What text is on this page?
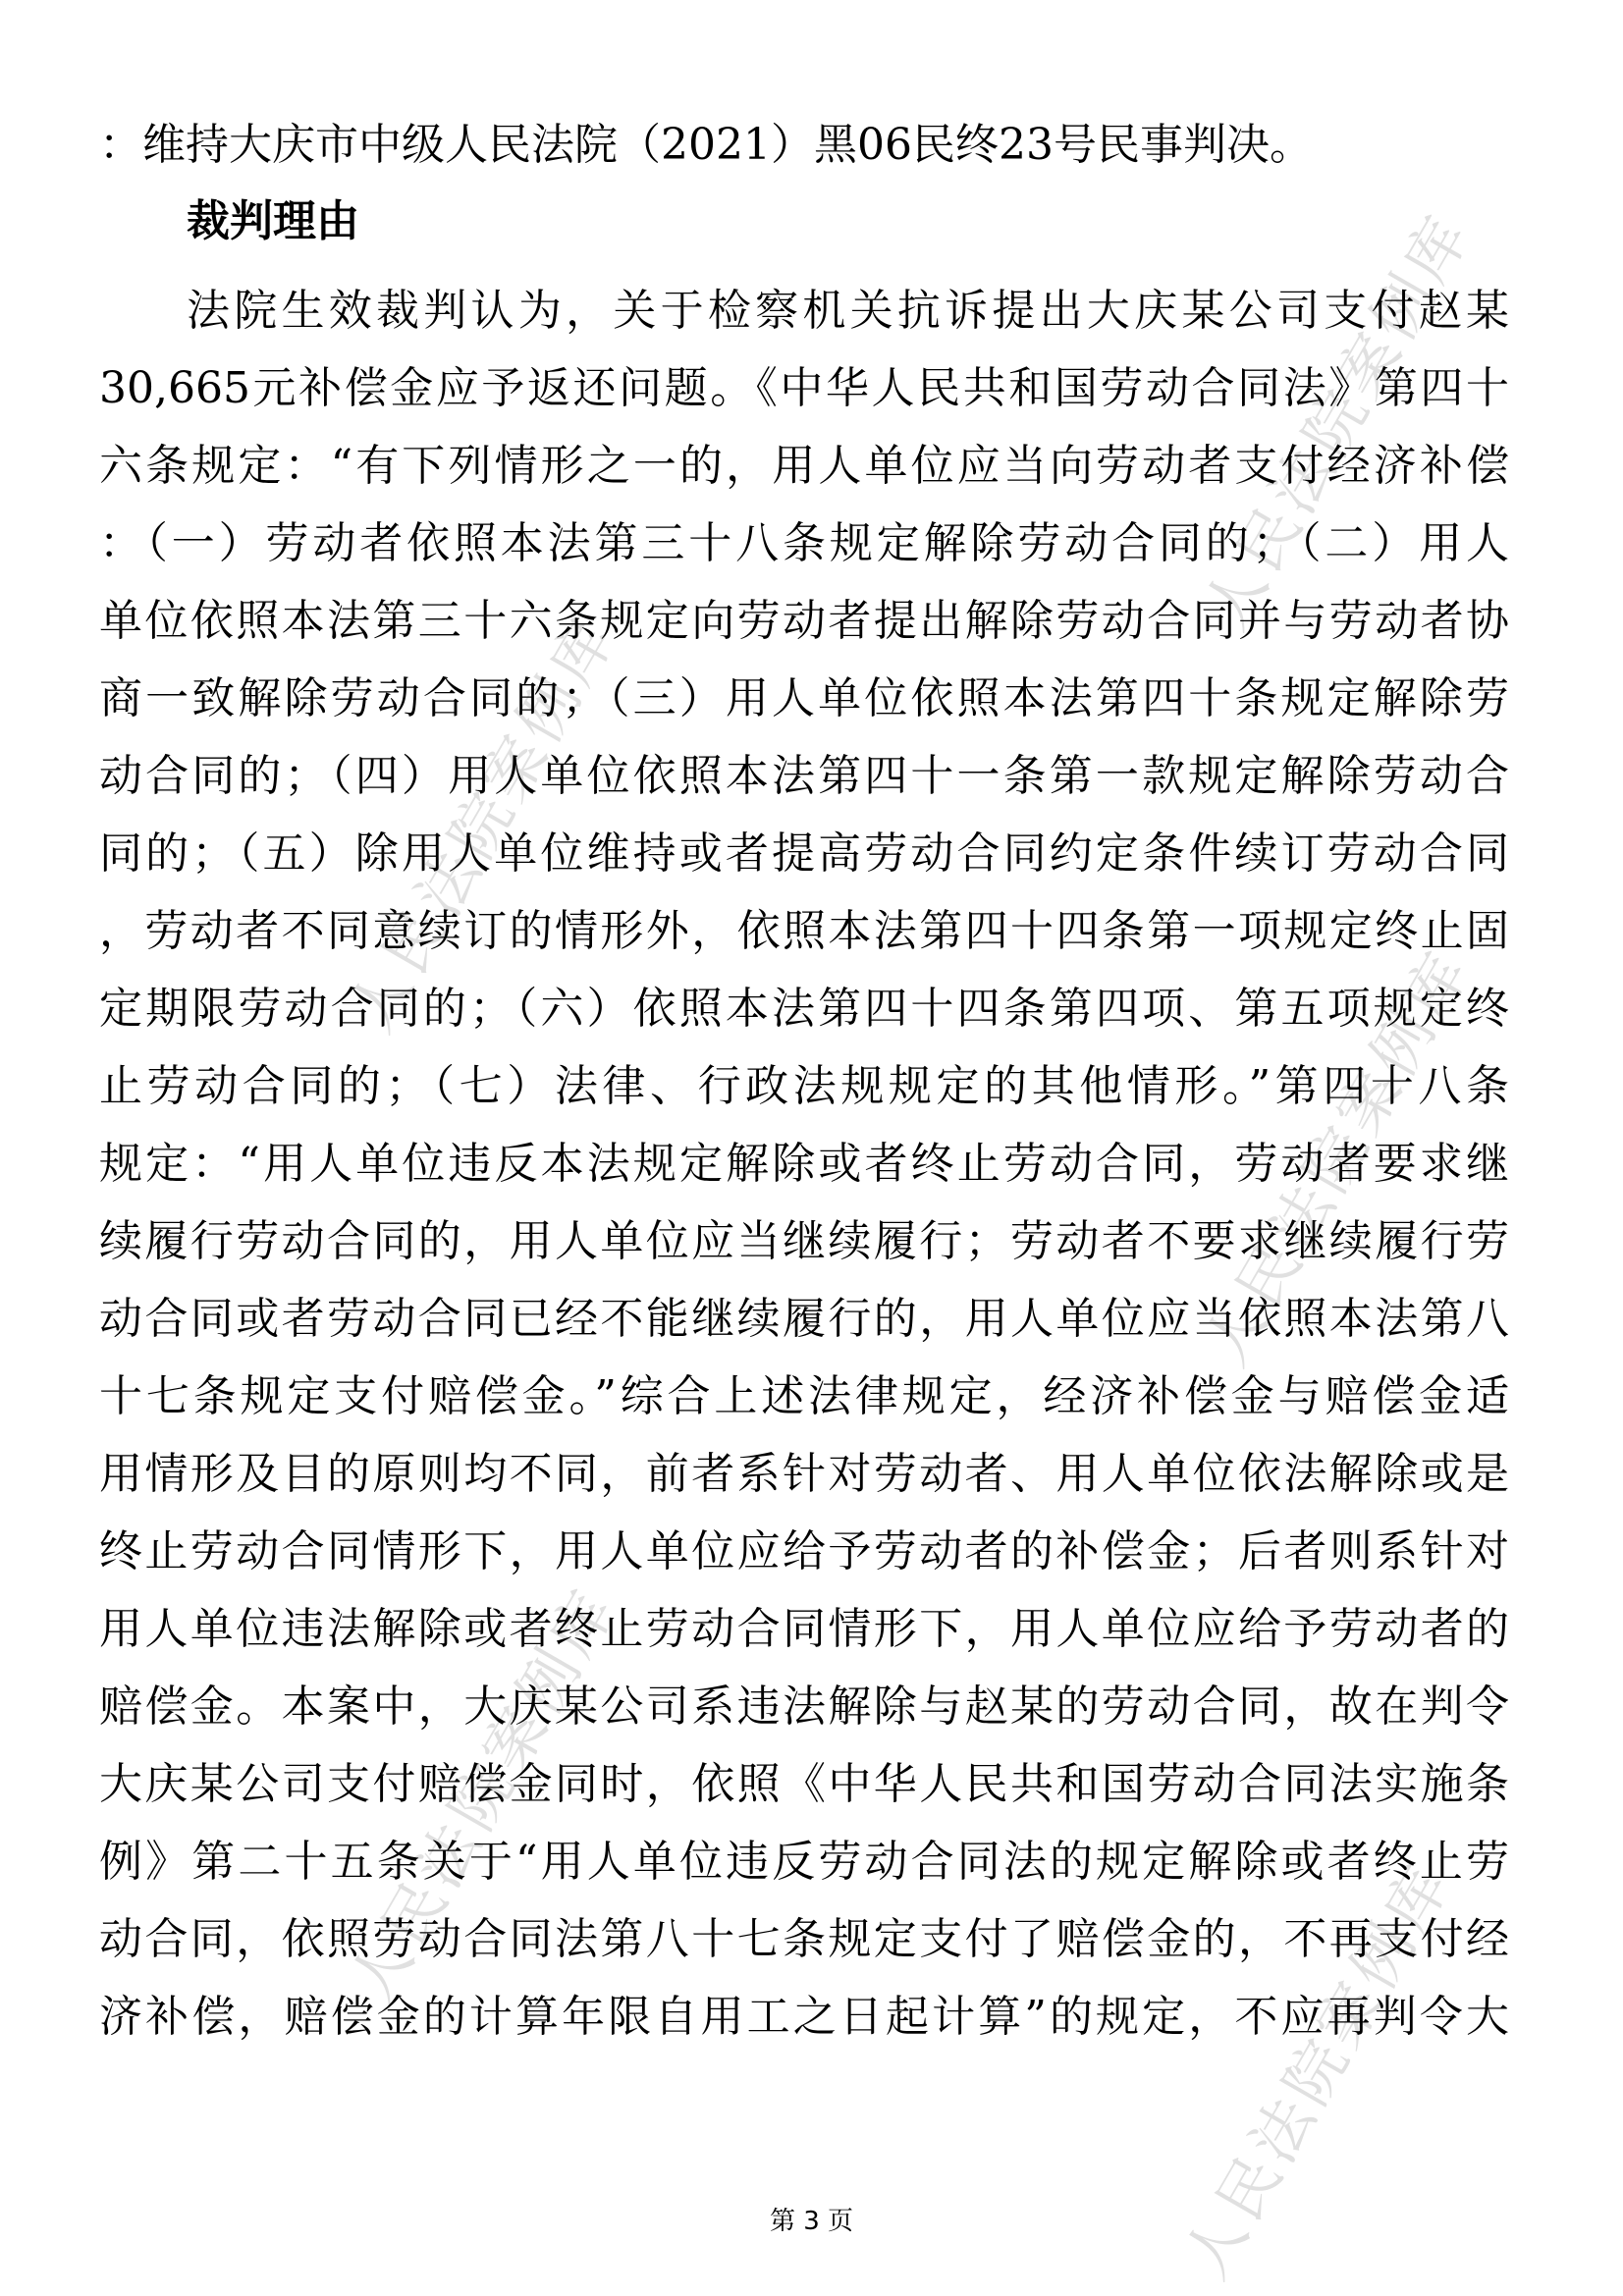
人民法院案例库
人民法院案例库
人民法院案例库
人民法院案例库
人民法院案例库
：维持大庆市中级人民法院（2021）黑06民终23号民事判决。
裁判理由
法院生效裁判认为，关于检察机关抗诉提出大庆某公司支付赵某
30,665元补偿金应予返还问题。《中华人民共和国劳动合同法》第四十
六条规定：“有下列情形之一的，用人单位应当向劳动者支付经济补偿
：（一）劳动者依照本法第三十八条规定解除劳动合同的；（二）用人
单位依照本法第三十六条规定向劳动者提出解除劳动合同并与劳动者协
商一致解除劳动合同的；（三）用人单位依照本法第四十条规定解除劳
动合同的；（四）用人单位依照本法第四十一条第一款规定解除劳动合
同的；（五）除用人单位维持或者提高劳动合同约定条件续订劳动合同
，劳动者不同意续订的情形外，依照本法第四十四条第一项规定终止固
定期限劳动合同的；（六）依照本法第四十四条第四项、第五项规定终
止劳动合同的；（七）法律、行政法规规定的其他情形。”第四十八条
规定：“用人单位违反本法规定解除或者终止劳动合同，劳动者要求继
续履行劳动合同的，用人单位应当继续履行；劳动者不要求继续履行劳
动合同或者劳动合同已经不能继续履行的，用人单位应当依照本法第八
十七条规定支付赔偿金。”综合上述法律规定，经济补偿金与赔偿金适
用情形及目的原则均不同，前者系针对劳动者、用人单位依法解除或是
终止劳动合同情形下，用人单位应给予劳动者的补偿金；后者则系针对
用人单位违法解除或者终止劳动合同情形下，用人单位应给予劳动者的
赔偿金。本案中，大庆某公司系违法解除与赵某的劳动合同，故在判令
大庆某公司支付赔偿金同时，依照《中华人民共和国劳动合同法实施条
例》第二十五条关于“用人单位违反劳动合同法的规定解除或者终止劳
动合同，依照劳动合同法第八十七条规定支付了赔偿金的，不再支付经
济补偿，赔偿金的计算年限自用工之日起计算”的规定，不应再判令大
第 3 页
